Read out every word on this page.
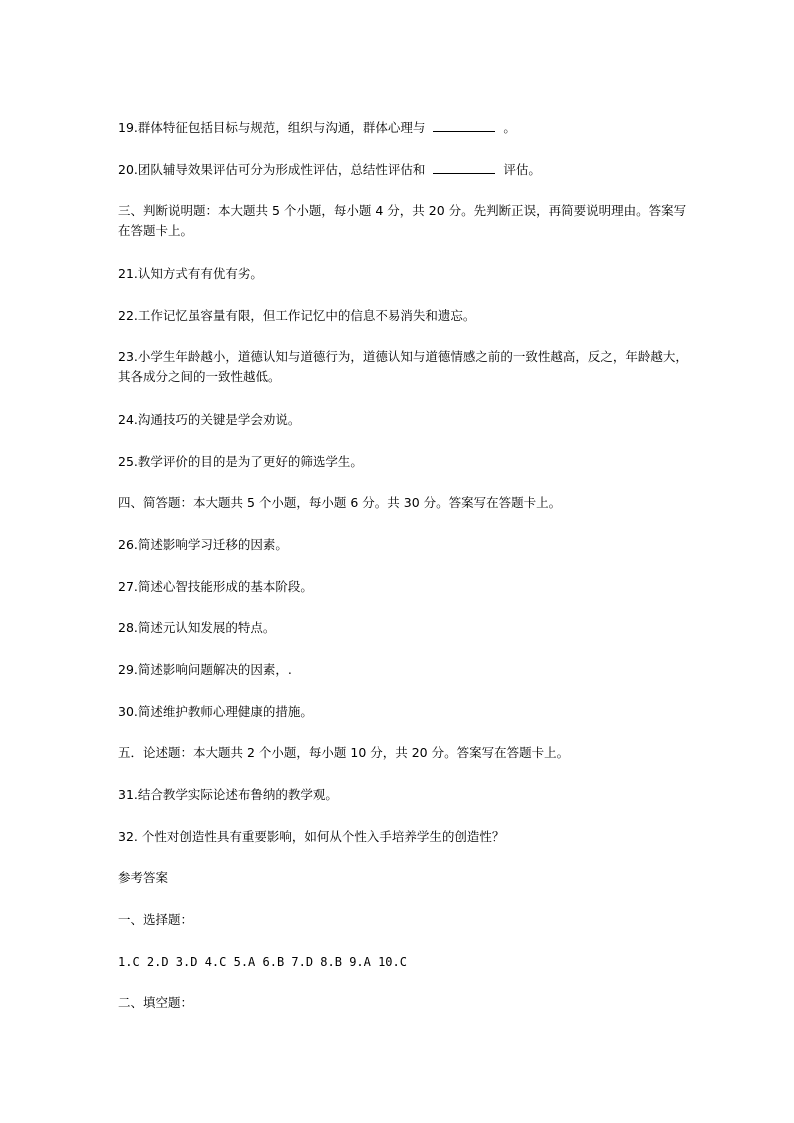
19.群体特征包括目标与规范，组织与沟通，群体心理与	。
20.团队辅导效果评估可分为形成性评估，总结性评估和	评估。
三、判断说明题：本大题共 5 个小题，每小题 4 分，共 20 分。先判断正误，再简要说明理由。答案写在答题卡上。
21.认知方式有有优有劣。
22.工作记忆虽容量有限，但工作记忆中的信息不易消失和遗忘。
23.小学生年龄越小，道德认知与道德行为，道德认知与道德情感之前的一致性越高，反之，年龄越大，其各成分之间的一致性越低。
24.沟通技巧的关键是学会劝说。
25.教学评价的目的是为了更好的筛选学生。
四、简答题：本大题共 5 个小题，每小题 6 分。共 30 分。答案写在答题卡上。
26.简述影响学习迁移的因素。
27.简述心智技能形成的基本阶段。
28.简述元认知发展的特点。
29.简述影响问题解决的因素，.
30.简述维护教师心理健康的措施。
五．论述题：本大题共 2 个小题，每小题 10 分，共 20 分。答案写在答题卡上。
31.结合教学实际论述布鲁纳的教学观。
32. 个性对创造性具有重要影响，如何从个性入手培养学生的创造性？
参考答案
一、选择题：
1.C 2.D 3.D 4.C 5.A 6.B 7.D 8.B 9.A 10.C
二、填空题：
